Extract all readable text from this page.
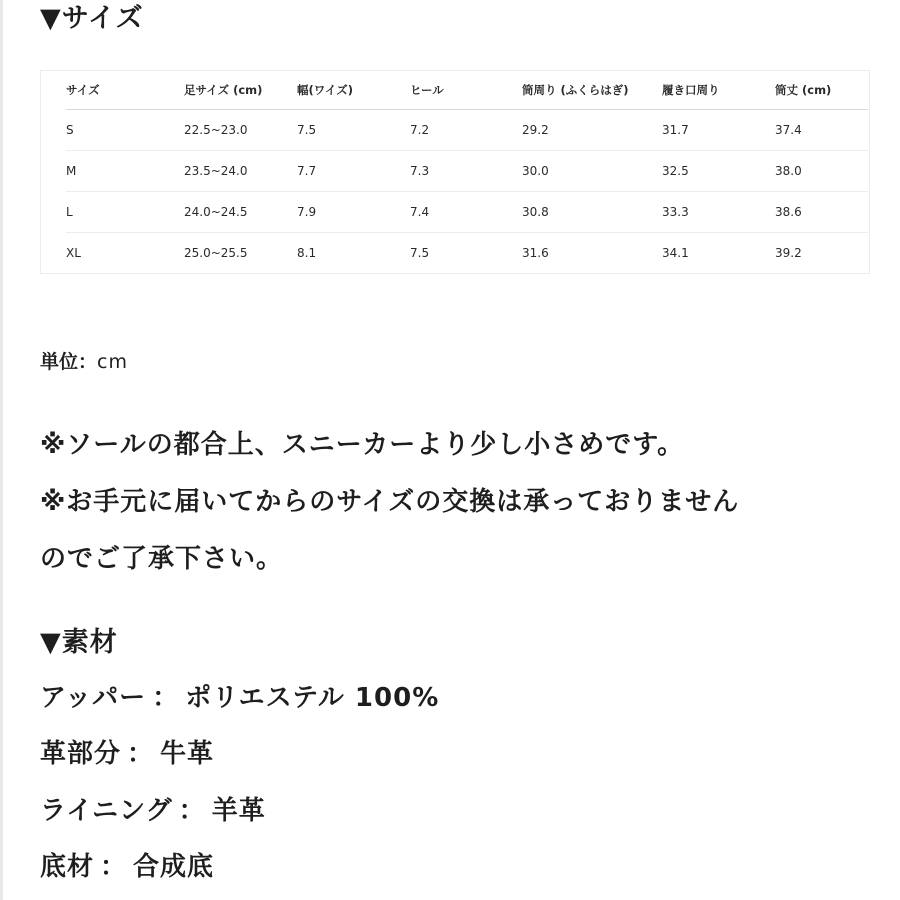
▼サイズ
サイズ	足サイズ (cm)	幅(ワイズ)	ヒール	筒周り (ふくらはぎ)	履き口周り	筒丈 (cm)
S	22.5~23.0	7.5	7.2	29.2	31.7	37.4
M	23.5~24.0	7.7	7.3	30.0	32.5	38.0
L	24.0~24.5	7.9	7.4	30.8	33.3	38.6
XL	25.0~25.5	8.1	7.5	31.6	34.1	39.2
単位：cm
※ソールの都合上、スニーカーより少し小さめです。
※お手元に届いてからのサイズの交換は承っておりません
のでご了承下さい。
▼素材
アッパー ： ポリエステル 100%
革部分 ： 牛革
ライニング ： 羊革
底材 ： 合成底
